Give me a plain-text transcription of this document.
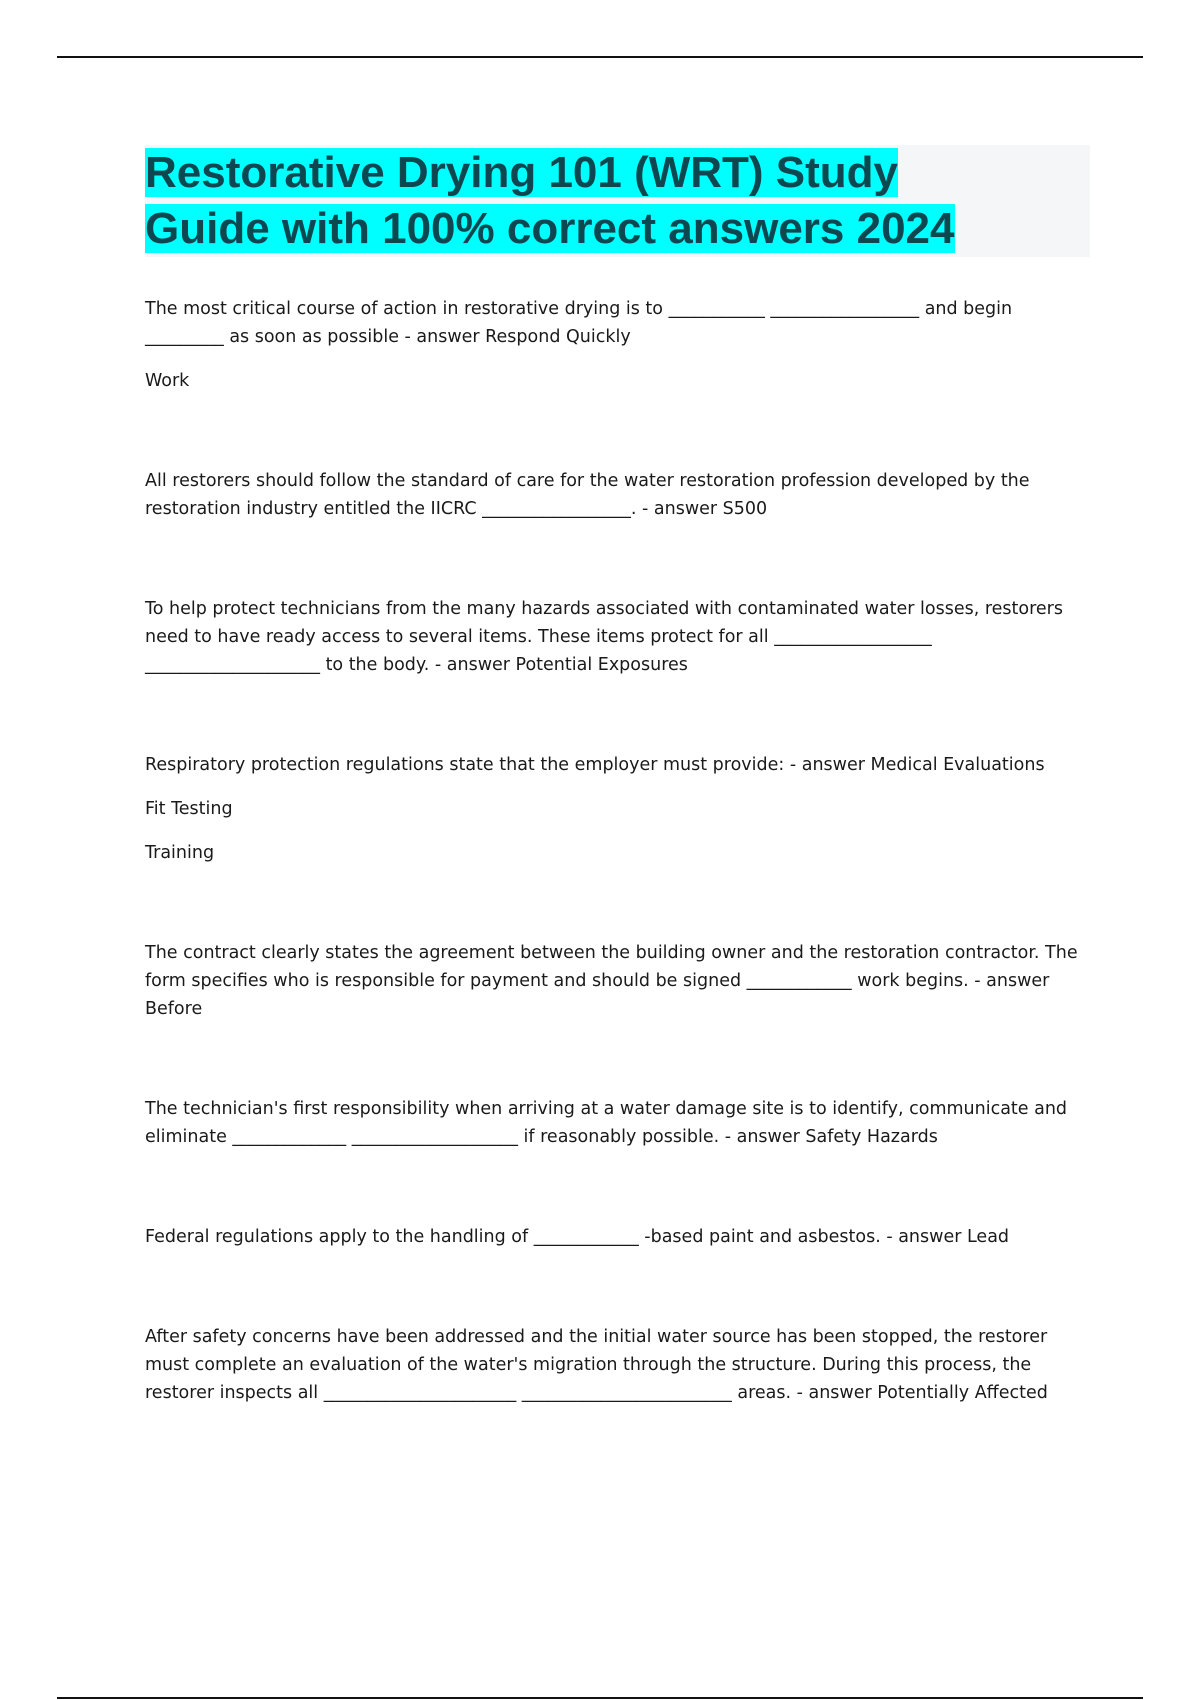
Restorative Drying 101 (WRT) Study
Guide with 100% correct answers 2024

The most critical course of action in restorative drying is to ___________ _________________ and begin _________ as soon as possible - answer Respond Quickly

Work

All restorers should follow the standard of care for the water restoration profession developed by the restoration industry entitled the IICRC _________________. - answer S500

To help protect technicians from the many hazards associated with contaminated water losses, restorers need to have ready access to several items. These items protect for all __________________ ____________________ to the body. - answer Potential Exposures

Respiratory protection regulations state that the employer must provide: - answer Medical Evaluations

Fit Testing

Training

The contract clearly states the agreement between the building owner and the restoration contractor. The form specifies who is responsible for payment and should be signed ____________ work begins. - answer Before

The technician's first responsibility when arriving at a water damage site is to identify, communicate and eliminate _____________ ___________________ if reasonably possible. - answer Safety Hazards

Federal regulations apply to the handling of ____________ -based paint and asbestos. - answer Lead

After safety concerns have been addressed and the initial water source has been stopped, the restorer must complete an evaluation of the water's migration through the structure. During this process, the restorer inspects all ______________________ ________________________ areas. - answer Potentially Affected
